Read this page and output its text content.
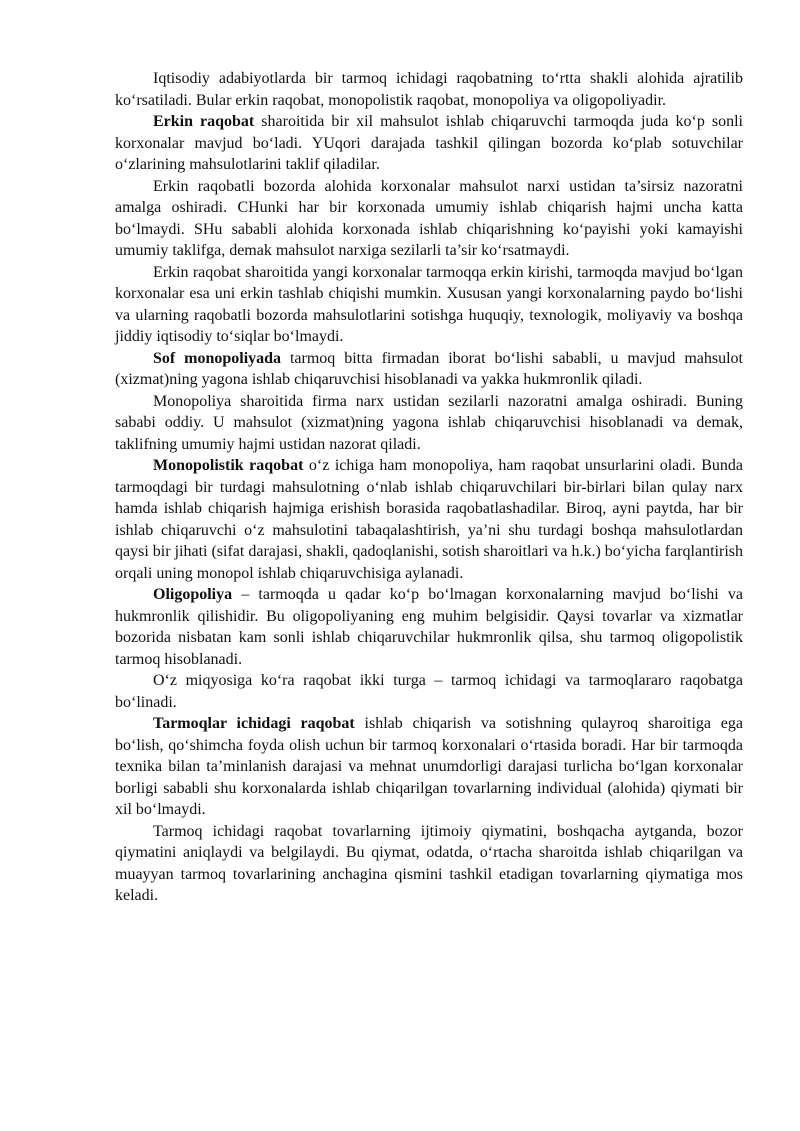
Iqtisodiy adabiyotlarda bir tarmoq ichidagi raqobatning to‘rtta shakli alohida ajratilib ko‘rsatiladi. Bular erkin raqobat, monopolistik raqobat, monopoliya va oligopoliyadir.

Erkin raqobat sharoitida bir xil mahsulot ishlab chiqaruvchi tarmoqda juda ko‘p sonli korxonalar mavjud bo‘ladi. YUqori darajada tashkil qilingan bozorda ko‘plab sotuvchilar o‘zlarining mahsulotlarini taklif qiladilar.

Erkin raqobatli bozorda alohida korxonalar mahsulot narxi ustidan ta’sirsiz nazoratni amalga oshiradi. CHunki har bir korxonada umumiy ishlab chiqarish hajmi uncha katta bo‘lmaydi. SHu sababli alohida korxonada ishlab chiqarishning ko‘payishi yoki kamayishi umumiy taklifga, demak mahsulot narxiga sezilarli ta’sir ko‘rsatmaydi.

Erkin raqobat sharoitida yangi korxonalar tarmoqqa erkin kirishi, tarmoqda mavjud bo‘lgan korxonalar esa uni erkin tashlab chiqishi mumkin. Xususan yangi korxonalarning paydo bo‘lishi va ularning raqobatli bozorda mahsulotlarini sotishga huquqiy, texnologik, moliyaviy va boshqa jiddiy iqtisodiy to‘siqlar bo‘lmaydi.

Sof monopoliyada tarmoq bitta firmadan iborat bo‘lishi sababli, u mavjud mahsulot (xizmat)ning yagona ishlab chiqaruvchisi hisoblanadi va yakka hukmronlik qiladi.

Monopoliya sharoitida firma narx ustidan sezilarli nazoratni amalga oshiradi. Buning sababi oddiy. U mahsulot (xizmat)ning yagona ishlab chiqaruvchisi hisoblanadi va demak, taklifning umumiy hajmi ustidan nazorat qiladi.

Monopolistik raqobat o‘z ichiga ham monopoliya, ham raqobat unsurlarini oladi. Bunda tarmoqdagi bir turdagi mahsulotning o‘nlab ishlab chiqaruvchilari bir-birlari bilan qulay narx hamda ishlab chiqarish hajmiga erishish borasida raqobatlashadilar. Biroq, ayni paytda, har bir ishlab chiqaruvchi o‘z mahsulotini tabaqalashtirish, ya’ni shu turdagi boshqa mahsulotlardan qaysi bir jihati (sifat darajasi, shakli, qadoqlanishi, sotish sharoitlari va h.k.) bo‘yicha farqlantirish orqali uning monopol ishlab chiqaruvchisiga aylanadi.

Oligopoliya – tarmoqda u qadar ko‘p bo‘lmagan korxonalarning mavjud bo‘lishi va hukmronlik qilishidir. Bu oligopoliyaning eng muhim belgisidir. Qaysi tovarlar va xizmatlar bozorida nisbatan kam sonli ishlab chiqaruvchilar hukmronlik qilsa, shu tarmoq oligopolistik tarmoq hisoblanadi.

O‘z miqyosiga ko‘ra raqobat ikki turga – tarmoq ichidagi va tarmoqlararo raqobatga bo‘linadi.

Tarmoqlar ichidagi raqobat ishlab chiqarish va sotishning qulayroq sharoitiga ega bo‘lish, qo‘shimcha foyda olish uchun bir tarmoq korxonalari o‘rtasida boradi. Har bir tarmoqda texnika bilan ta’minlanish darajasi va mehnat unumdorligi darajasi turlicha bo‘lgan korxonalar borligi sababli shu korxonalarda ishlab chiqarilgan tovarlarning individual (alohida) qiymati bir xil bo‘lmaydi.

Tarmoq ichidagi raqobat tovarlarning ijtimoiy qiymatini, boshqacha aytganda, bozor qiymatini aniqlaydi va belgilaydi. Bu qiymat, odatda, o‘rtacha sharoitda ishlab chiqarilgan va muayyan tarmoq tovarlarining anchagina qismini tashkil etadigan tovarlarning qiymatiga mos keladi.
